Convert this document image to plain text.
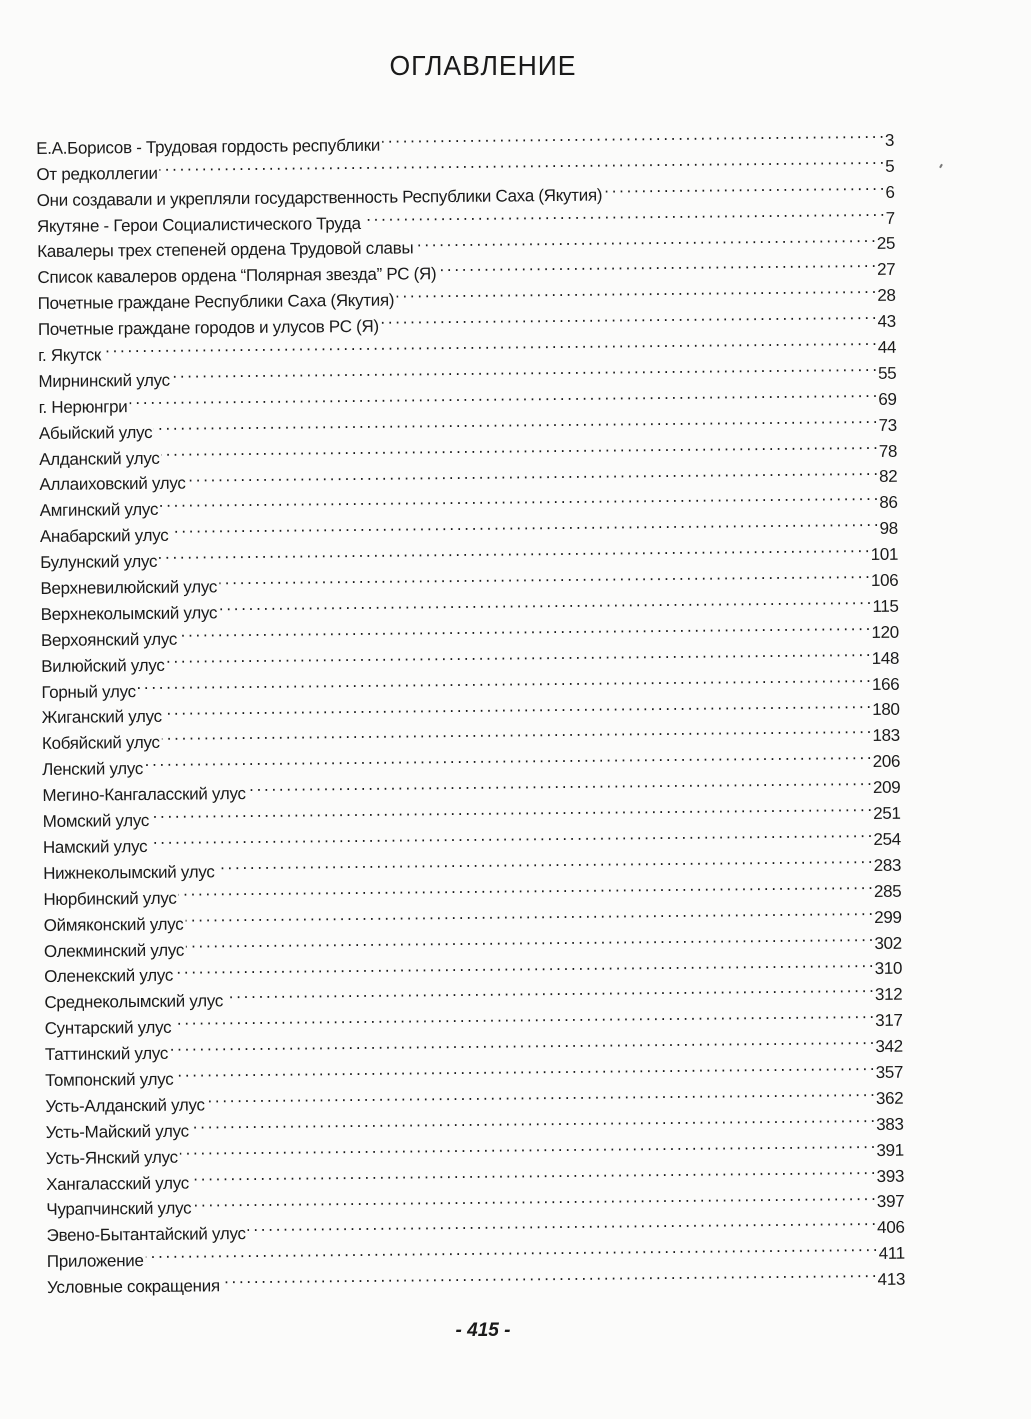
ОГЛАВЛЕНИЕ
Е.А.Борисов - Трудовая гордость республики . . .	3
От редколлегии . . .	5
Они создавали и укрепляли государственность Республики Саха (Якутия) . . .	6
Якутяне - Герои Социалистического Труда . . .	7
Кавалеры трех степеней ордена Трудовой славы . . .	25
Список кавалеров ордена “Полярная звезда” РС (Я) . . .	27
Почетные граждане Республики Саха (Якутия) . . .	28
Почетные граждане городов и улусов РС (Я) . . .	43
г. Якутск . . .	44
Мирнинский улус . . .	55
г. Нерюнгри . . .	69
Абыйский улус . . .	73
Алданский улус . . .	78
Аллаиховский улус . . .	82
Амгинский улус . . .	86
Анабарский улус . . .	98
Булунский улус . . .	101
Верхневилюйский улус . . .	106
Верхнеколымский улус . . .	115
Верхоянский улус . . .	120
Вилюйский улус . . .	148
Горный улус . . .	166
Жиганский улус . . .	180
Кобяйский улус . . .	183
Ленский улус . . .	206
Мегино-Кангаласский улус . . .	209
Момский улус . . .	251
Намский улус . . .	254
Нижнеколымский улус . . .	283
Нюрбинский улус . . .	285
Оймяконский улус . . .	299
Олекминский улус . . .	302
Оленекский улус . . .	310
Среднеколымский улус . . .	312
Сунтарский улус . . .	317
Таттинский улус . . .	342
Томпонский улус . . .	357
Усть-Алданский улус . . .	362
Усть-Майский улус . . .	383
Усть-Янский улус . . .	391
Хангаласский улус . . .	393
Чурапчинский улус . . .	397
Эвено-Бытантайский улус . . .	406
Приложение . . .	411
Условные сокращения . . .	413
- 415 -
